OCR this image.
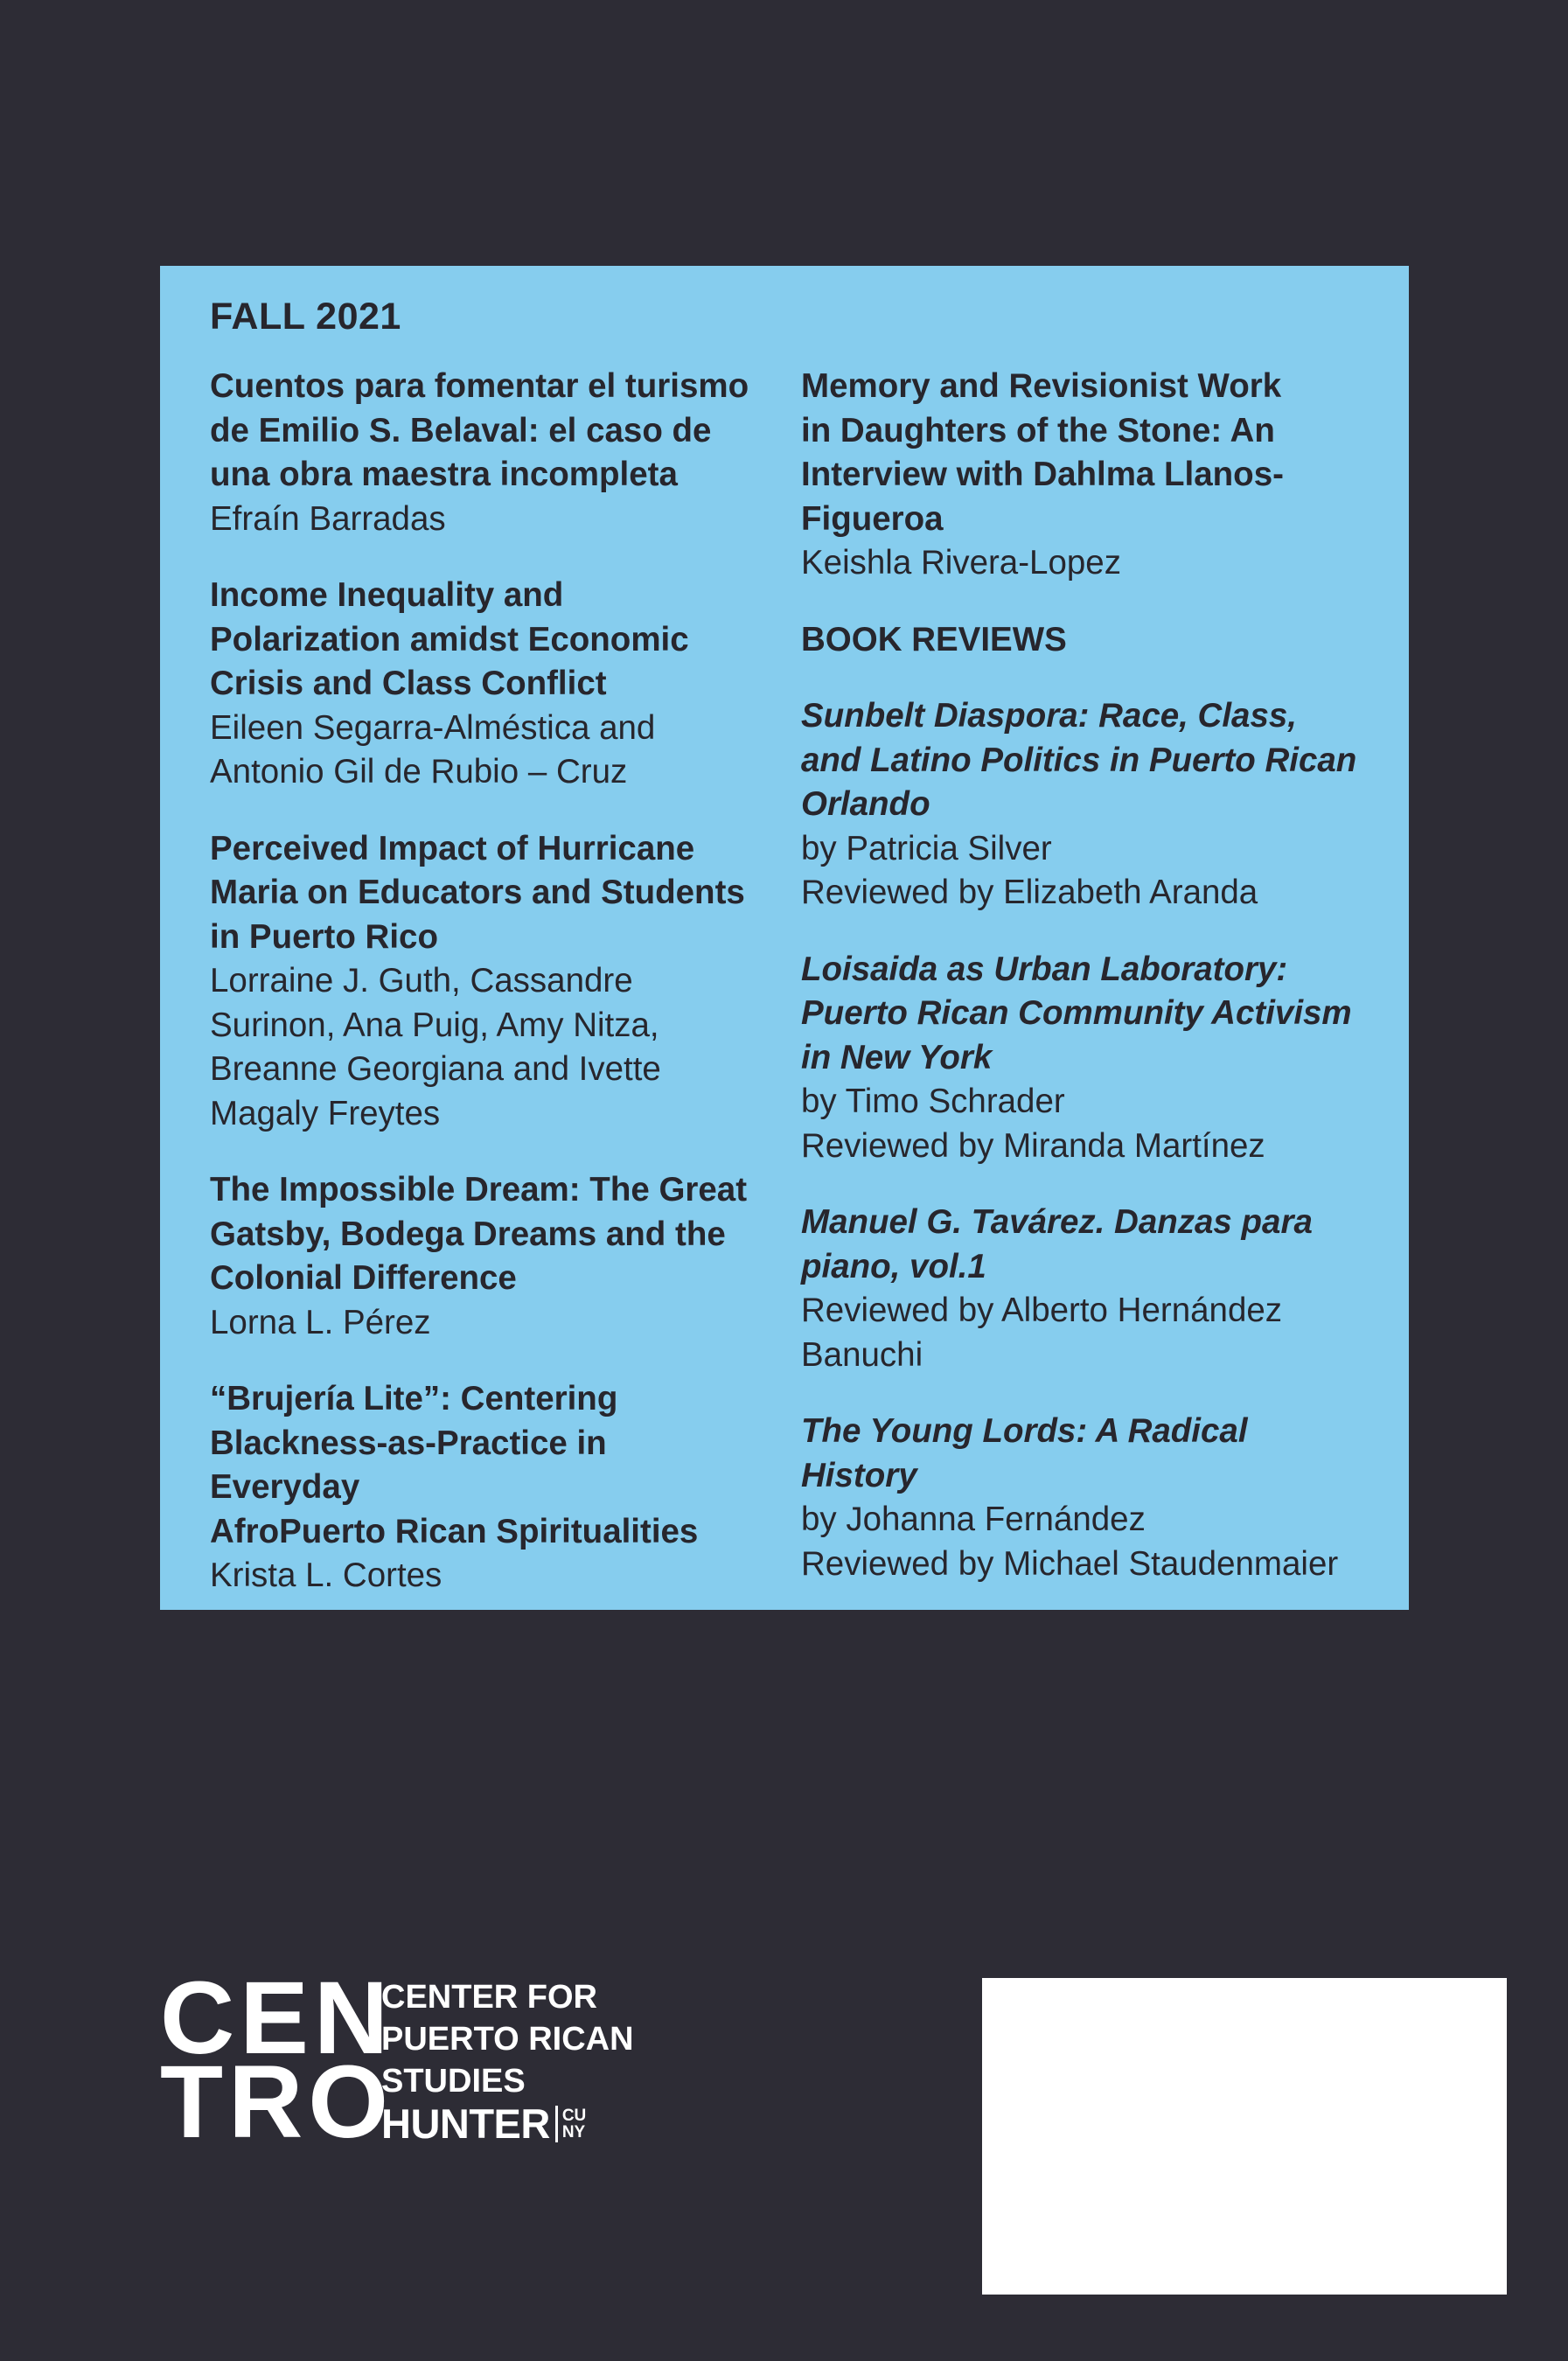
FALL 2021
Cuentos para fomentar el turismo
de Emilio S. Belaval: el caso de
una obra maestra incompleta
Efraín Barradas
Income Inequality and
Polarization amidst Economic
Crisis and Class Conflict
Eileen Segarra-Alméstica and
Antonio Gil de Rubio – Cruz
Perceived Impact of Hurricane
Maria on Educators and Students
in Puerto Rico
Lorraine J. Guth, Cassandre
Surinon, Ana Puig, Amy Nitza,
Breanne Georgiana and Ivette
Magaly Freytes
The Impossible Dream: The Great
Gatsby, Bodega Dreams and the
Colonial Difference
Lorna L. Pérez
“Brujería Lite”: Centering
Blackness-as-Practice in Everyday
AfroPuerto Rican Spiritualities
Krista L. Cortes
Memory and Revisionist Work
in Daughters of the Stone: An
Interview with Dahlma Llanos-
Figueroa
Keishla Rivera-Lopez
BOOK REVIEWS
Sunbelt Diaspora: Race, Class,
and Latino Politics in Puerto Rican
Orlando
by Patricia Silver
Reviewed by Elizabeth Aranda
Loisaida as Urban Laboratory:
Puerto Rican Community Activism
in New York
by Timo Schrader
Reviewed by Miranda Martínez
Manuel G. Tavárez. Danzas para
piano, vol.1
Reviewed by Alberto Hernández
Banuchi
The Young Lords: A Radical History
by Johanna Fernández
Reviewed by Michael Staudenmaier
CEN
TRO
CENTER FOR
PUERTO RICAN
STUDIES
HUNTER CU
NY
